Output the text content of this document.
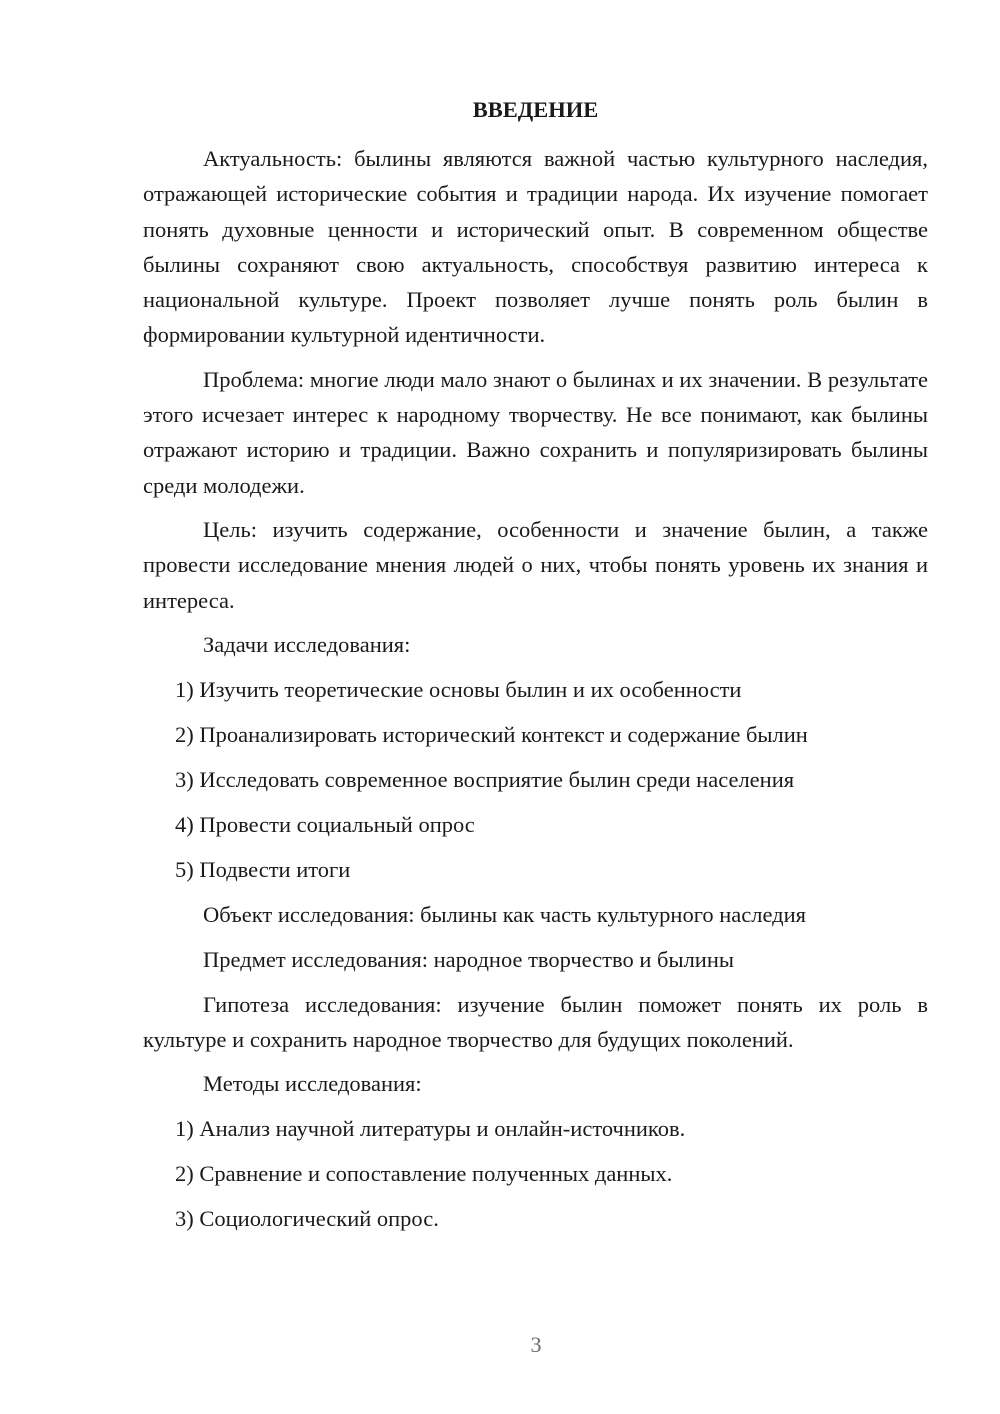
ВВЕДЕНИЕ

Актуальность: былины являются важной частью культурного наследия, отражающей исторические события и традиции народа. Их изучение помогает понять духовные ценности и исторический опыт. В современном обществе былины сохраняют свою актуальность, способствуя развитию интереса к национальной культуре. Проект позволяет лучше понять роль былин в формировании культурной идентичности.

Проблема: многие люди мало знают о былинах и их значении. В результате этого исчезает интерес к народному творчеству. Не все понимают, как былины отражают историю и традиции. Важно сохранить и популяризировать былины среди молодежи.

Цель: изучить содержание, особенности и значение былин, а также провести исследование мнения людей о них, чтобы понять уровень их знания и интереса.

Задачи исследования:
1) Изучить теоретические основы былин и их особенности
2) Проанализировать исторический контекст и содержание былин
3) Исследовать современное восприятие былин среди населения
4) Провести социальный опрос
5) Подвести итоги
Объект исследования: былины как часть культурного наследия
Предмет исследования: народное творчество и былины

Гипотеза исследования: изучение былин поможет понять их роль в культуре и сохранить народное творчество для будущих поколений.

Методы исследования:
1) Анализ научной литературы и онлайн-источников.
2) Сравнение и сопоставление полученных данных.
3) Социологический опрос.
3
